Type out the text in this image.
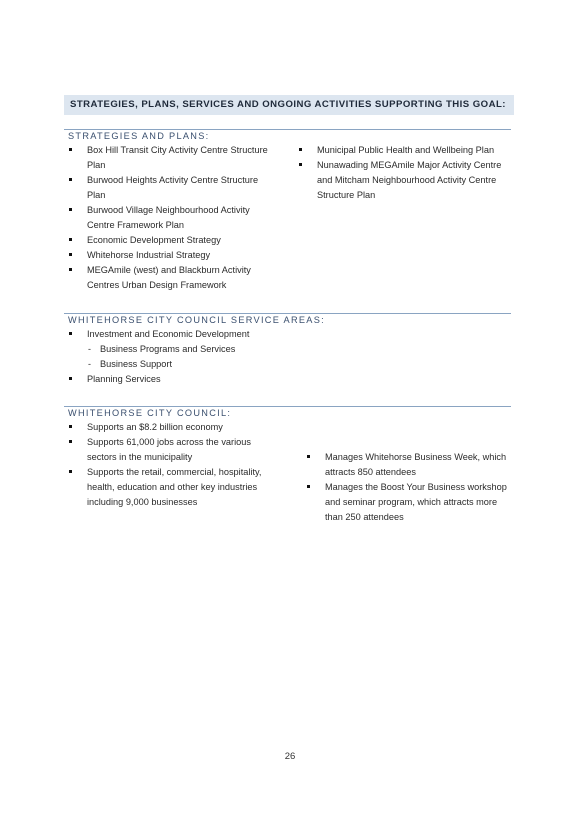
STRATEGIES, PLANS, SERVICES AND ONGOING ACTIVITIES SUPPORTING THIS GOAL:
STRATEGIES AND PLANS:
Box Hill Transit City Activity Centre Structure Plan
Burwood Heights Activity Centre Structure Plan
Burwood Village Neighbourhood Activity Centre Framework Plan
Economic Development Strategy
Whitehorse Industrial Strategy
MEGAmile (west) and Blackburn Activity Centres Urban Design Framework
Municipal Public Health and Wellbeing Plan
Nunawading MEGAmile Major Activity Centre and Mitcham Neighbourhood Activity Centre Structure Plan
WHITEHORSE CITY COUNCIL SERVICE AREAS:
Investment and Economic Development
- Business Programs and Services
- Business Support
Planning Services
WHITEHORSE CITY COUNCIL:
Supports an $8.2 billion economy
Supports 61,000 jobs across the various sectors in the municipality
Supports the retail, commercial, hospitality, health, education and other key industries including 9,000 businesses
Manages Whitehorse Business Week, which attracts 850 attendees
Manages the Boost Your Business workshop and seminar program, which attracts more than 250 attendees
26
